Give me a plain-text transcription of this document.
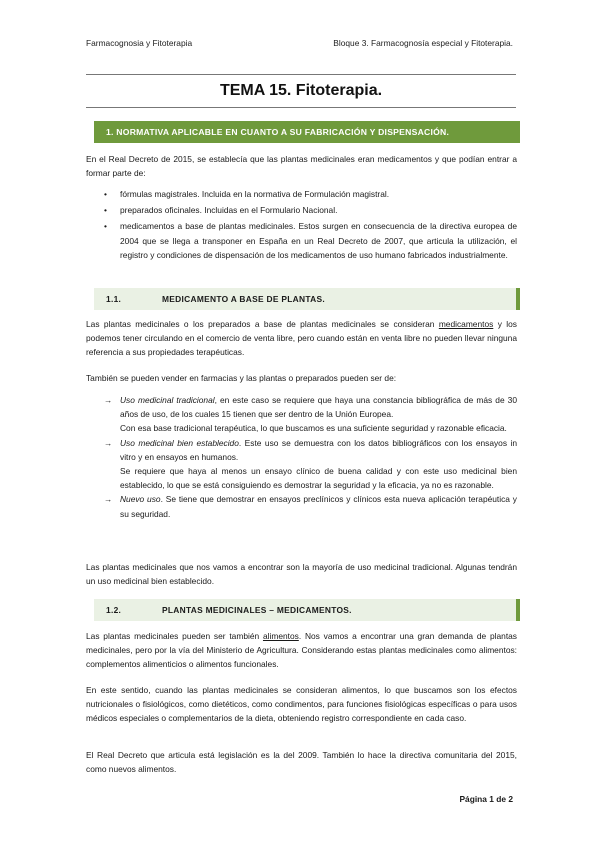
Farmacognosia y Fitoterapia	Bloque 3. Farmacognosía especial y Fitoterapia.
TEMA 15. Fitoterapia.
1. NORMATIVA APLICABLE EN CUANTO A SU FABRICACIÓN Y DISPENSACIÓN.

En el Real Decreto de 2015, se establecía que las plantas medicinales eran medicamentos y que podían entrar a formar parte de:

• fórmulas magistrales. Incluida en la normativa de Formulación magistral.
• preparados oficinales. Incluidas en el Formulario Nacional.
• medicamentos a base de plantas medicinales. Estos surgen en consecuencia de la directiva europea de 2004 que se llega a transponer en España en un Real Decreto de 2007, que articula la utilización, el registro y condiciones de dispensación de los medicamentos de uso humano fabricados industrialmente.
1.1.	MEDICAMENTO A BASE DE PLANTAS.

Las plantas medicinales o los preparados a base de plantas medicinales se consideran medicamentos y los podemos tener circulando en el comercio de venta libre, pero cuando están en venta libre no pueden llevar ninguna referencia a sus propiedades terapéuticas.

También se pueden vender en farmacias y las plantas o preparados pueden ser de:

→ Uso medicinal tradicional, en este caso se requiere que haya una constancia bibliográfica de más de 30 años de uso, de los cuales 15 tienen que ser dentro de la Unión Europea.
Con esa base tradicional terapéutica, lo que buscamos es una suficiente seguridad y razonable eficacia.
→ Uso medicinal bien establecido. Este uso se demuestra con los datos bibliográficos con los ensayos in vitro y en ensayos en humanos.
Se requiere que haya al menos un ensayo clínico de buena calidad y con este uso medicinal bien establecido, lo que se está consiguiendo es demostrar la seguridad y la eficacia, ya no es razonable.
→ Nuevo uso. Se tiene que demostrar en ensayos preclínicos y clínicos esta nueva aplicación terapéutica y su seguridad.

Las plantas medicinales que nos vamos a encontrar son la mayoría de uso medicinal tradicional. Algunas tendrán un uso medicinal bien establecido.

1.2.	PLANTAS MEDICINALES – MEDICAMENTOS.

Las plantas medicinales pueden ser también alimentos. Nos vamos a encontrar una gran demanda de plantas medicinales, pero por la vía del Ministerio de Agricultura. Considerando estas plantas medicinales como alimentos: complementos alimenticios o alimentos funcionales.

En este sentido, cuando las plantas medicinales se consideran alimentos, lo que buscamos son los efectos nutricionales o fisiológicos, como dietéticos, como condimentos, para funciones fisiológicas específicas o para usos médicos especiales o complementarios de la dieta, obteniendo registro correspondiente en cada caso.

El Real Decreto que articula está legislación es la del 2009. También lo hace la directiva comunitaria del 2015, como nuevos alimentos.

Página 1 de 2
